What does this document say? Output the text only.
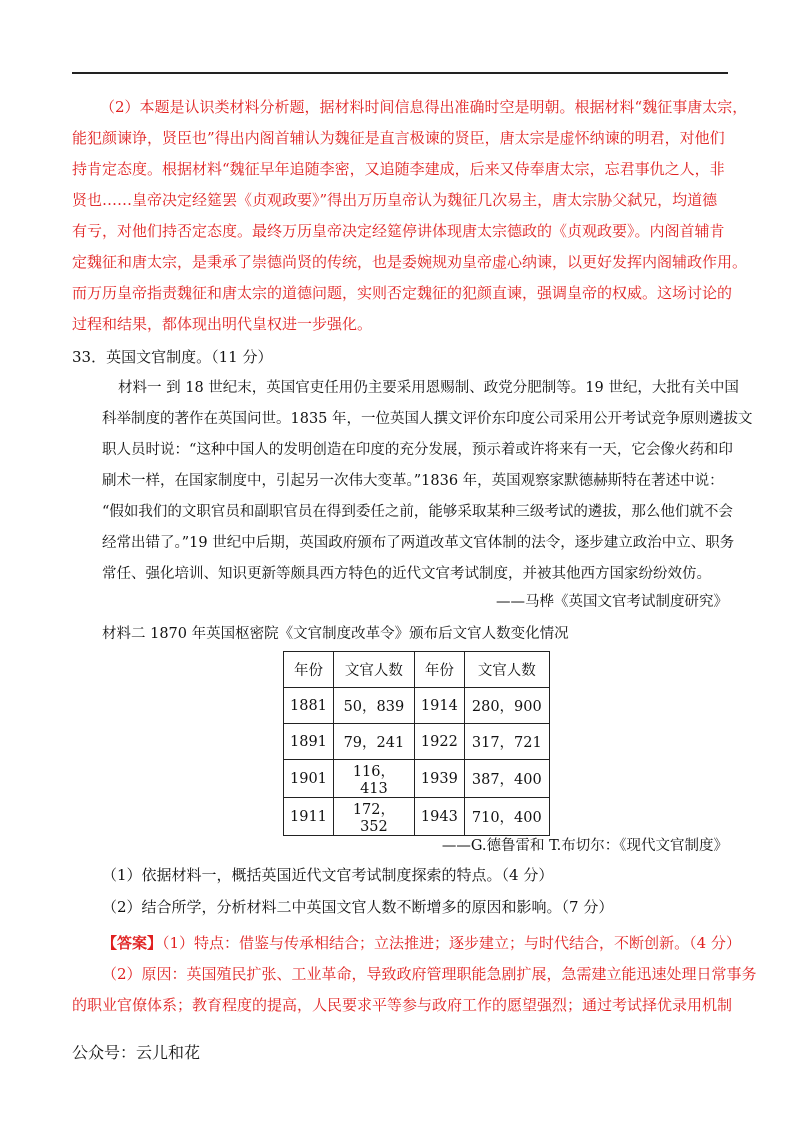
（2）本题是认识类材料分析题，据材料时间信息得出准确时空是明朝。根据材料“魏征事唐太宗，
能犯颜谏诤，贤臣也”得出内阁首辅认为魏征是直言极谏的贤臣，唐太宗是虚怀纳谏的明君，对他们
持肯定态度。根据材料“魏征早年追随李密，又追随李建成，后来又侍奉唐太宗，忘君事仇之人，非
贤也……皇帝决定经筵罢《贞观政要》”得出万历皇帝认为魏征几次易主，唐太宗胁父弑兄，均道德
有亏，对他们持否定态度。最终万历皇帝决定经筵停讲体现唐太宗德政的《贞观政要》。内阁首辅肯
定魏征和唐太宗，是秉承了崇德尚贤的传统，也是委婉规劝皇帝虚心纳谏，以更好发挥内阁辅政作用。
而万历皇帝指责魏征和唐太宗的道德问题，实则否定魏征的犯颜直谏，强调皇帝的权威。这场讨论的
过程和结果，都体现出明代皇权进一步强化。
33．英国文官制度。（11 分）
材料一 到 18 世纪末，英国官吏任用仍主要采用恩赐制、政党分肥制等。19 世纪，大批有关中国
科举制度的著作在英国问世。1835 年，一位英国人撰文评价东印度公司采用公开考试竞争原则遴拔文
职人员时说：“这种中国人的发明创造在印度的充分发展，预示着或许将来有一天，它会像火药和印
刷术一样，在国家制度中，引起另一次伟大变革。”1836 年，英国观察家默德赫斯特在著述中说：
“假如我们的文职官员和副职官员在得到委任之前，能够采取某种三级考试的遴拔，那么他们就不会
经常出错了。”19 世纪中后期，英国政府颁布了两道改革文官体制的法令，逐步建立政治中立、职务
常任、强化培训、知识更新等颇具西方特色的近代文官考试制度，并被其他西方国家纷纷效仿。
——马桦《英国文官考试制度研究》
材料二 1870 年英国枢密院《文官制度改革令》颁布后文官人数变化情况
年份	文官人数	年份	文官人数
1881	50，839	1914	280，900
1891	79，241	1922	317，721
1901	116，413	1939	387，400
1911	172，352	1943	710，400
——G.德鲁雷和 T.布切尔：《现代文官制度》
（1）依据材料一，概括英国近代文官考试制度探索的特点。（4 分）
（2）结合所学，分析材料二中英国文官人数不断增多的原因和影响。（7 分）
【答案】（1）特点：借鉴与传承相结合；立法推进；逐步建立；与时代结合，不断创新。（4 分）
（2）原因：英国殖民扩张、工业革命，导致政府管理职能急剧扩展，急需建立能迅速处理日常事务
的职业官僚体系；教育程度的提高，人民要求平等参与政府工作的愿望强烈；通过考试择优录用机制
公众号：云儿和花
